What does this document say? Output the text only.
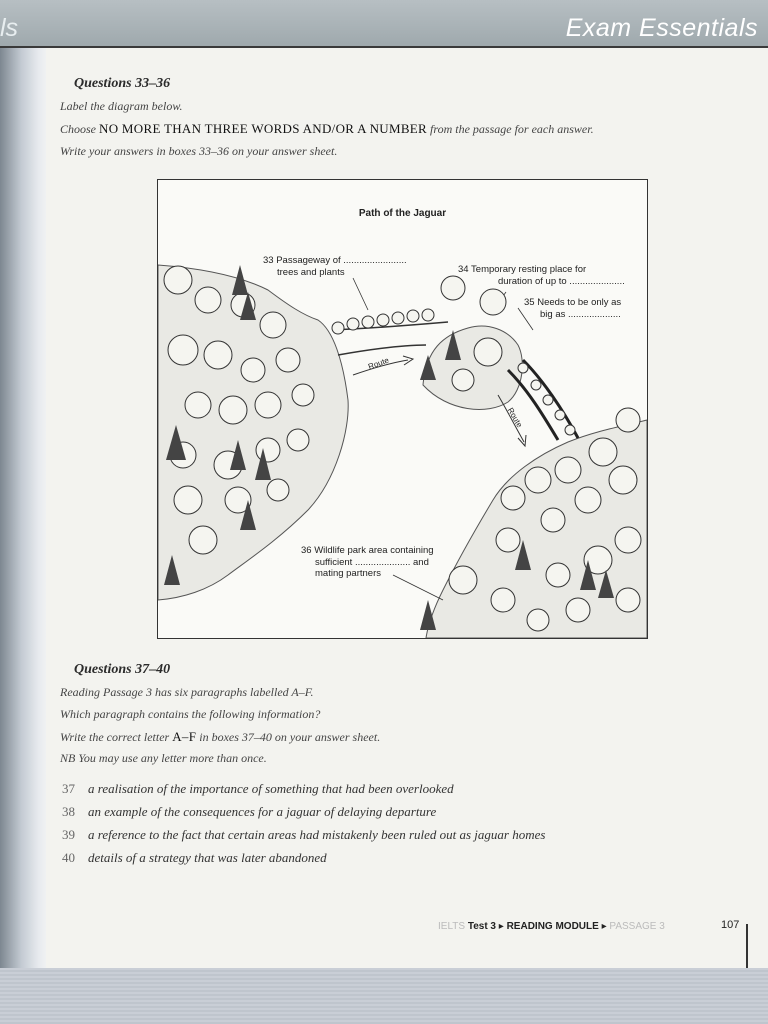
ls	Exam Essentials
Questions 33–36
Label the diagram below.
Choose NO MORE THAN THREE WORDS AND/OR A NUMBER from the passage for each answer.
Write your answers in boxes 33–36 on your answer sheet.
Path of the Jaguar
33 Passageway of ........................
trees and plants	34 Temporary resting place for
duration of up to .....................
35 Needs to be only as
big as ....................
36 Wildlife park area containing
sufficient ..................... and
mating partners
Route
Route
Questions 37–40
Reading Passage 3 has six paragraphs labelled A–F.
Which paragraph contains the following information?
Write the correct letter A–F in boxes 37–40 on your answer sheet.
NB You may use any letter more than once.
37 a realisation of the importance of something that had been overlooked
38 an example of the consequences for a jaguar of delaying departure
39 a reference to the fact that certain areas had mistakenly been ruled out as jaguar homes
40 details of a strategy that was later abandoned
IELTS Test 3 ▸ READING MODULE ▸ PASSAGE 3	107
